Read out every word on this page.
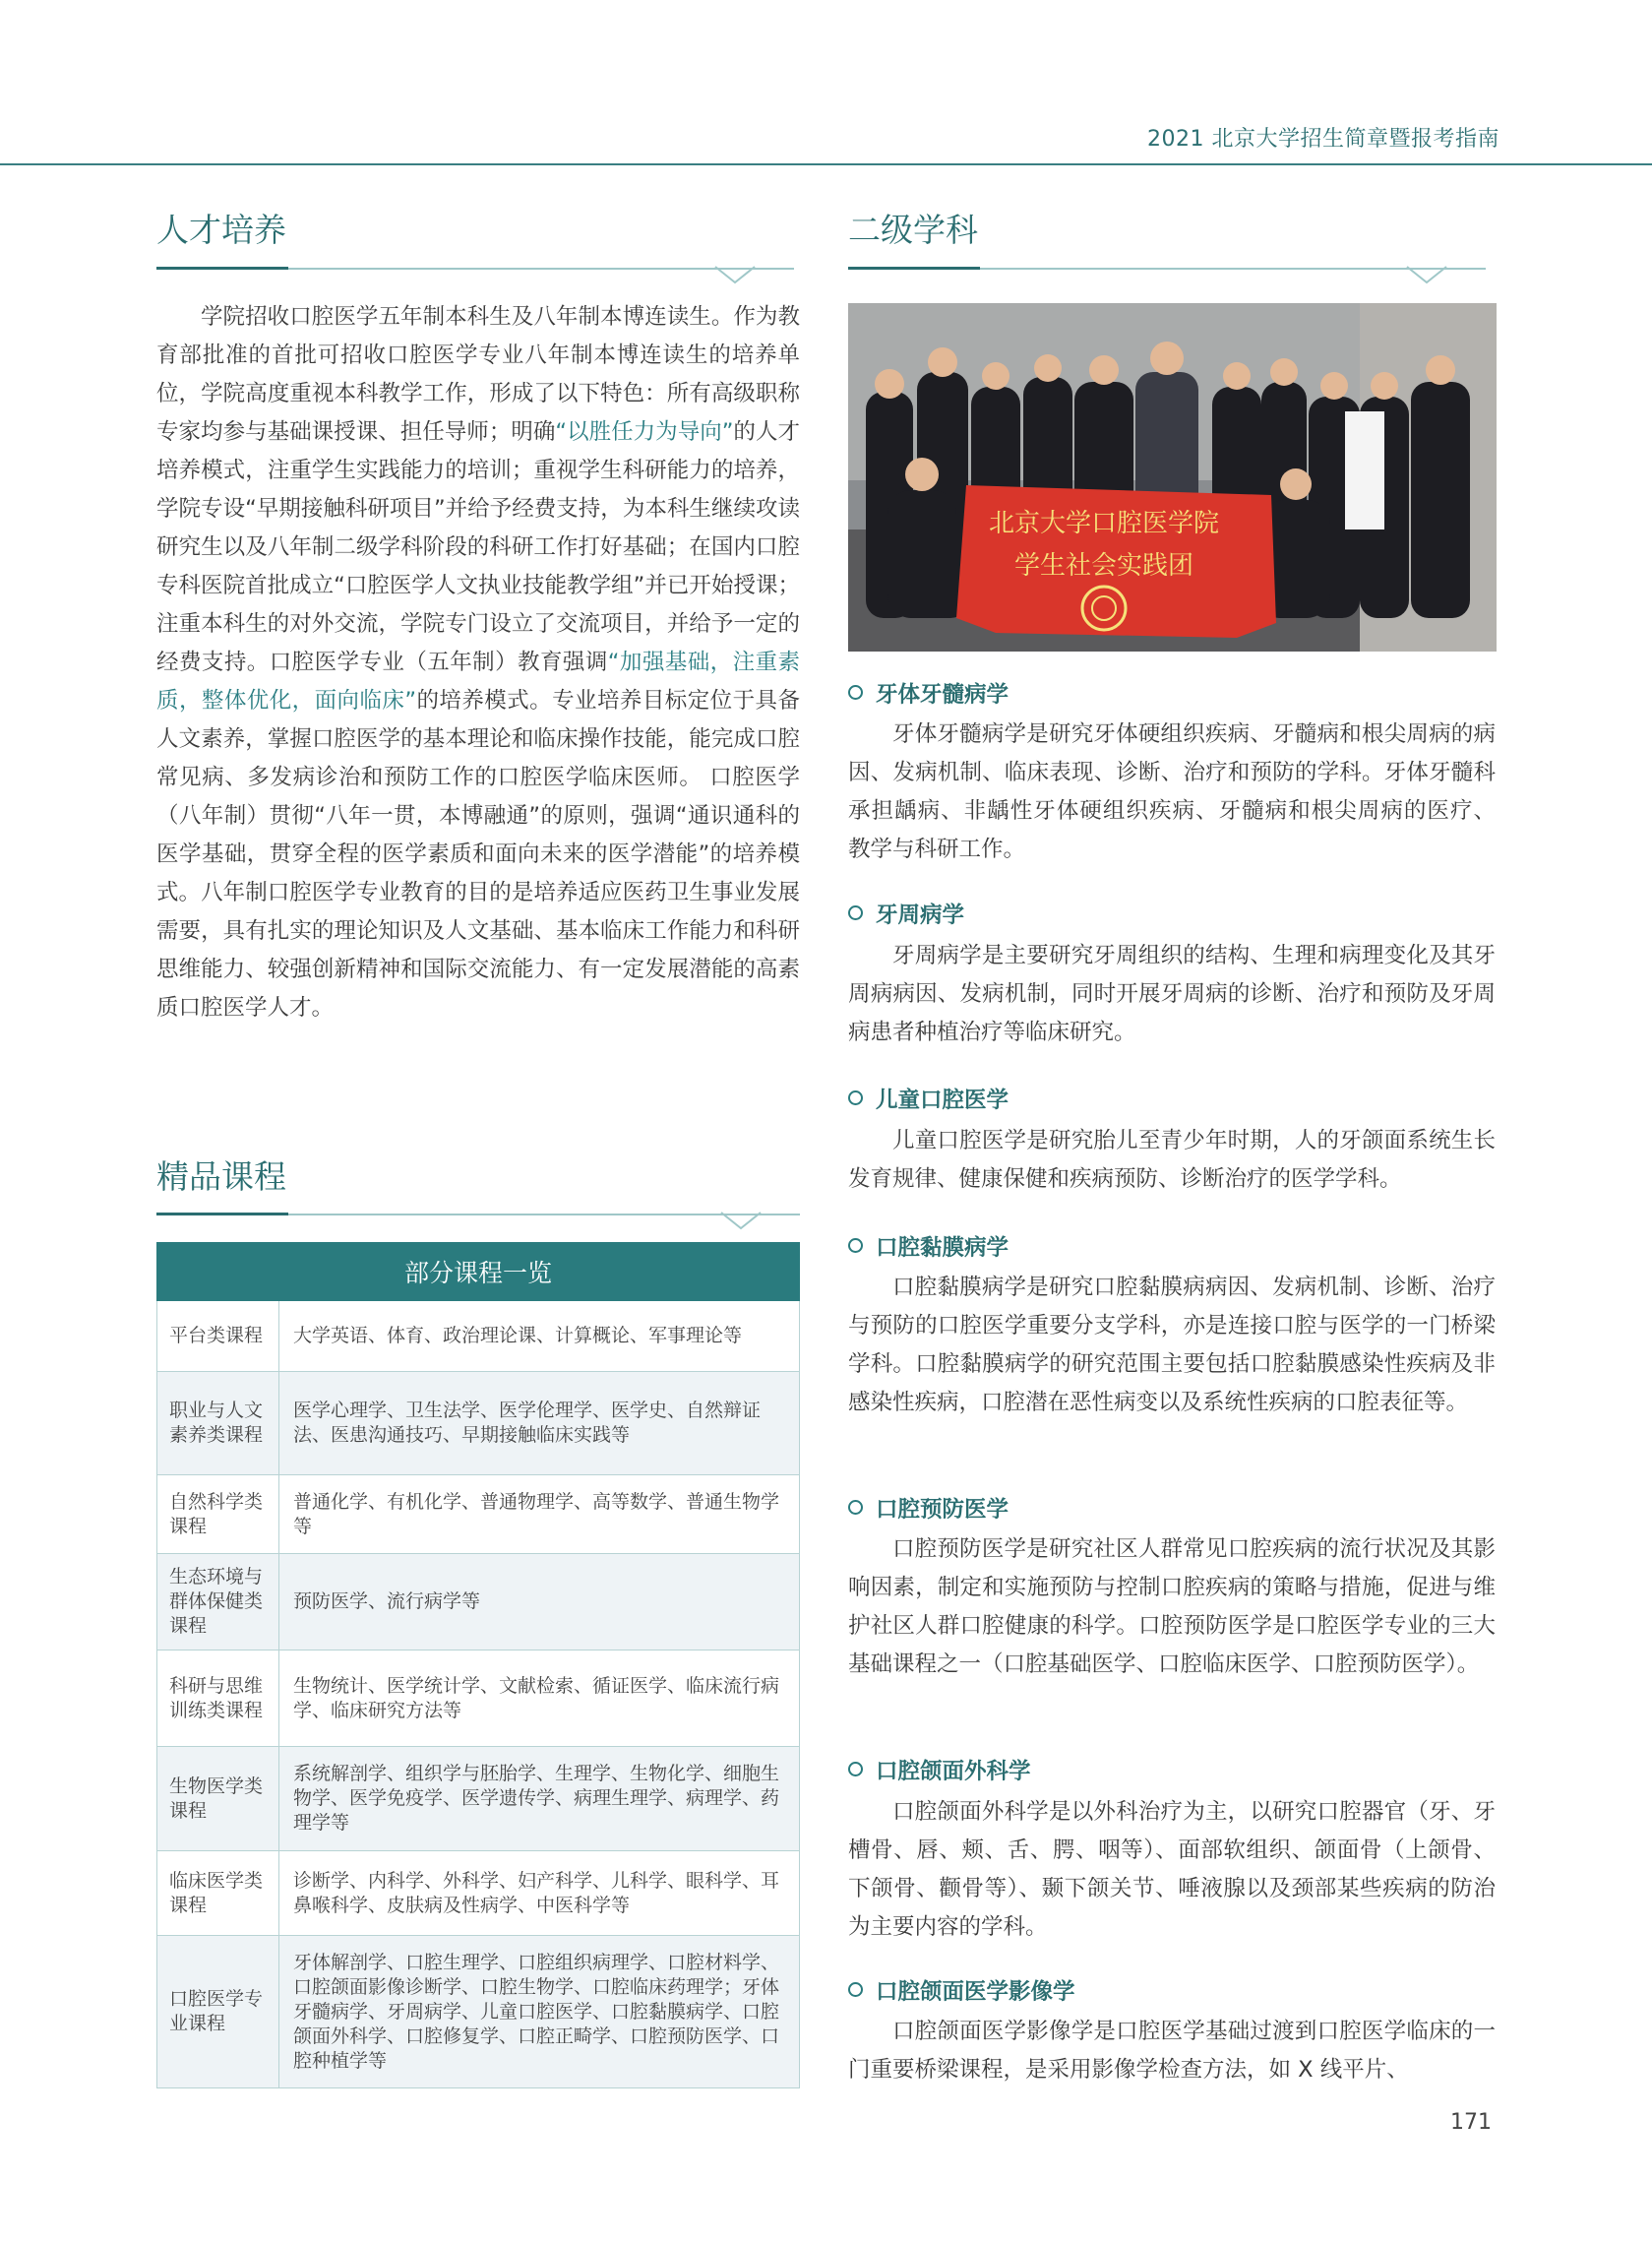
2021 北京大学招生简章暨报考指南
人才培养

学院招收口腔医学五年制本科生及八年制本博连读生。作为教育部批准的首批可招收口腔医学专业八年制本博连读生的培养单位，学院高度重视本科教学工作，形成了以下特色：所有高级职称专家均参与基础课授课、担任导师；明确“以胜任力为导向”的人才培养模式，注重学生实践能力的培训；重视学生科研能力的培养，学院专设“早期接触科研项目”并给予经费支持，为本科生继续攻读研究生以及八年制二级学科阶段的科研工作打好基础；在国内口腔专科医院首批成立“口腔医学人文执业技能教学组”并已开始授课；注重本科生的对外交流，学院专门设立了交流项目，并给予一定的经费支持。口腔医学专业（五年制）教育强调“加强基础，注重素质，整体优化，面向临床”的培养模式。专业培养目标定位于具备人文素养，掌握口腔医学的基本理论和临床操作技能，能完成口腔常见病、多发病诊治和预防工作的口腔医学临床医师。 口腔医学（八年制）贯彻“八年一贯，本博融通”的原则，强调“通识通科的医学基础，贯穿全程的医学素质和面向未来的医学潜能”的培养模式。八年制口腔医学专业教育的目的是培养适应医药卫生事业发展需要，具有扎实的理论知识及人文基础、基本临床工作能力和科研思维能力、较强创新精神和国际交流能力、有一定发展潜能的高素质口腔医学人才。

精品课程
部分课程一览	
平台类课程	大学英语、体育、政治理论课、计算概论、军事理论等
职业与人文素养类课程	医学心理学、卫生法学、医学伦理学、医学史、自然辩证法、医患沟通技巧、早期接触临床实践等
自然科学类课程	普通化学、有机化学、普通物理学、高等数学、普通生物学等
生态环境与群体保健类课程	预防医学、流行病学等
科研与思维训练类课程	生物统计、医学统计学、文献检索、循证医学、临床流行病学、临床研究方法等
生物医学类课程	系统解剖学、组织学与胚胎学、生理学、生物化学、细胞生物学、医学免疫学、医学遗传学、病理生理学、病理学、药理学等
临床医学类课程	诊断学、内科学、外科学、妇产科学、儿科学、眼科学、耳鼻喉科学、皮肤病及性病学、中医科学等
口腔医学专业课程	牙体解剖学、口腔生理学、口腔组织病理学、口腔材料学、口腔颌面影像诊断学、口腔生物学、口腔临床药理学；牙体牙髓病学、牙周病学、儿童口腔医学、口腔黏膜病学、口腔颌面外科学、口腔修复学、口腔正畸学、口腔预防医学、口腔种植学等
二级学科
北京大学口腔医学院
学生社会实践团
牙体牙髓病学

牙体牙髓病学是研究牙体硬组织疾病、牙髓病和根尖周病的病因、发病机制、临床表现、诊断、治疗和预防的学科。牙体牙髓科承担龋病、非龋性牙体硬组织疾病、牙髓病和根尖周病的医疗、 教学与科研工作。

牙周病学

牙周病学是主要研究牙周组织的结构、生理和病理变化及其牙周病病因、发病机制，同时开展牙周病的诊断、治疗和预防及牙周病患者种植治疗等临床研究。

儿童口腔医学

儿童口腔医学是研究胎儿至青少年时期，人的牙颌面系统生长发育规律、健康保健和疾病预防、诊断治疗的医学学科。

口腔黏膜病学

口腔黏膜病学是研究口腔黏膜病病因、发病机制、诊断、治疗与预防的口腔医学重要分支学科，亦是连接口腔与医学的一门桥梁学科。口腔黏膜病学的研究范围主要包括口腔黏膜感染性疾病及非感染性疾病，口腔潜在恶性病变以及系统性疾病的口腔表征等。

口腔预防医学

口腔预防医学是研究社区人群常见口腔疾病的流行状况及其影响因素，制定和实施预防与控制口腔疾病的策略与措施，促进与维护社区人群口腔健康的科学。口腔预防医学是口腔医学专业的三大基础课程之一（口腔基础医学、口腔临床医学、口腔预防医学）。

口腔颌面外科学

口腔颌面外科学是以外科治疗为主，以研究口腔器官（牙、牙槽骨、唇、颊、舌、腭、咽等）、面部软组织、颌面骨（上颌骨、下颌骨、颧骨等）、颞下颌关节、唾液腺以及颈部某些疾病的防治为主要内容的学科。

口腔颌面医学影像学

口腔颌面医学影像学是口腔医学基础过渡到口腔医学临床的一门重要桥梁课程，是采用影像学检查方法，如 X 线平片、

171
